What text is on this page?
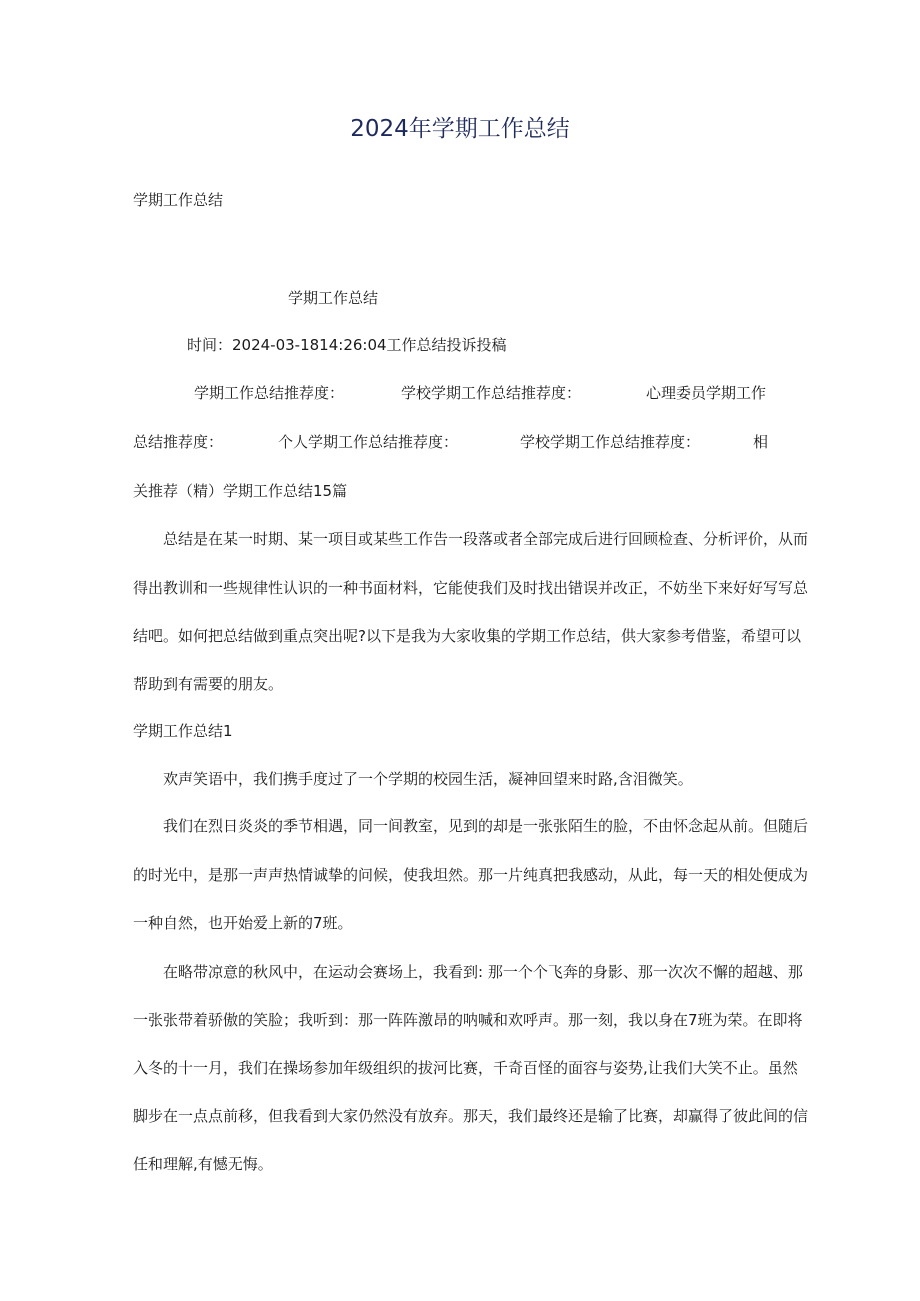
2024年学期工作总结
学期工作总结
学期工作总结
时间：2024-03-1814:26:04工作总结投诉投稿
学期工作总结推荐度：	学校学期工作总结推荐度：	心理委员学期工作
总结推荐度：	个人学期工作总结推荐度：	学校学期工作总结推荐度：	相
关推荐（精）学期工作总结15篇
总结是在某一时期、某一项目或某些工作告一段落或者全部完成后进行回顾检查、分析评价，从而
得出教训和一些规律性认识的一种书面材料，它能使我们及时找出错误并改正，不妨坐下来好好写写总
结吧。如何把总结做到重点突出呢?以下是我为大家收集的学期工作总结，供大家参考借鉴，希望可以
帮助到有需要的朋友。
学期工作总结1
欢声笑语中，我们携手度过了一个学期的校园生活，凝神回望来时路,含泪微笑。
我们在烈日炎炎的季节相遇，同一间教室，见到的却是一张张陌生的脸，不由怀念起从前。但随后
的时光中，是那一声声热情诚挚的问候，使我坦然。那一片纯真把我感动，从此，每一天的相处便成为
一种自然，也开始爱上新的7班。
在略带凉意的秋风中，在运动会赛场上，我看到: 那一个个飞奔的身影、那一次次不懈的超越、那
一张张带着骄傲的笑脸；我听到：那一阵阵激昂的呐喊和欢呼声。那一刻，我以身在7班为荣。在即将
入冬的十一月，我们在操场参加年级组织的拔河比赛，千奇百怪的面容与姿势,让我们大笑不止。虽然
脚步在一点点前移，但我看到大家仍然没有放弃。那天，我们最终还是输了比赛，却赢得了彼此间的信
任和理解,有憾无悔。
